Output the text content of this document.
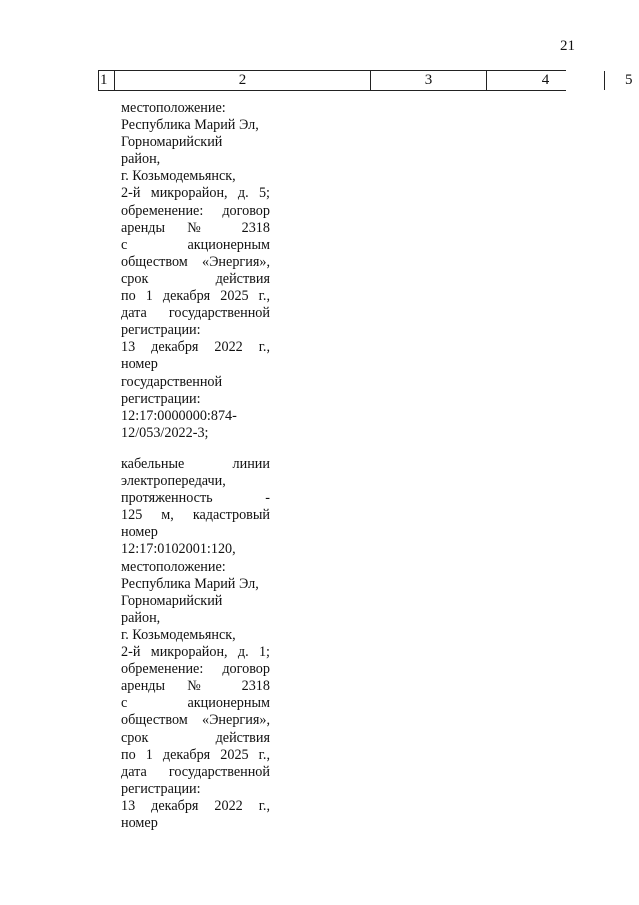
21
1	2	3	4	5
местоположение:
Республика Марий Эл,
Горномарийский
район,
г. Козьмодемьянск,
2-й микрорайон, д. 5;
обременение: договор
аренды № 2318
с акционерным
обществом «Энергия»,
срок действия
по 1 декабря 2025 г.,
дата государственной
регистрации:
13 декабря 2022 г.,
номер
государственной
регистрации:
12:17:0000000:874-
12/053/2022-3;
кабельные линии
электропередачи,
протяженность -
125 м, кадастровый
номер
12:17:0102001:120,
местоположение:
Республика Марий Эл,
Горномарийский
район,
г. Козьмодемьянск,
2-й микрорайон, д. 1;
обременение: договор
аренды № 2318
с акционерным
обществом «Энергия»,
срок действия
по 1 декабря 2025 г.,
дата государственной
регистрации:
13 декабря 2022 г.,
номер
